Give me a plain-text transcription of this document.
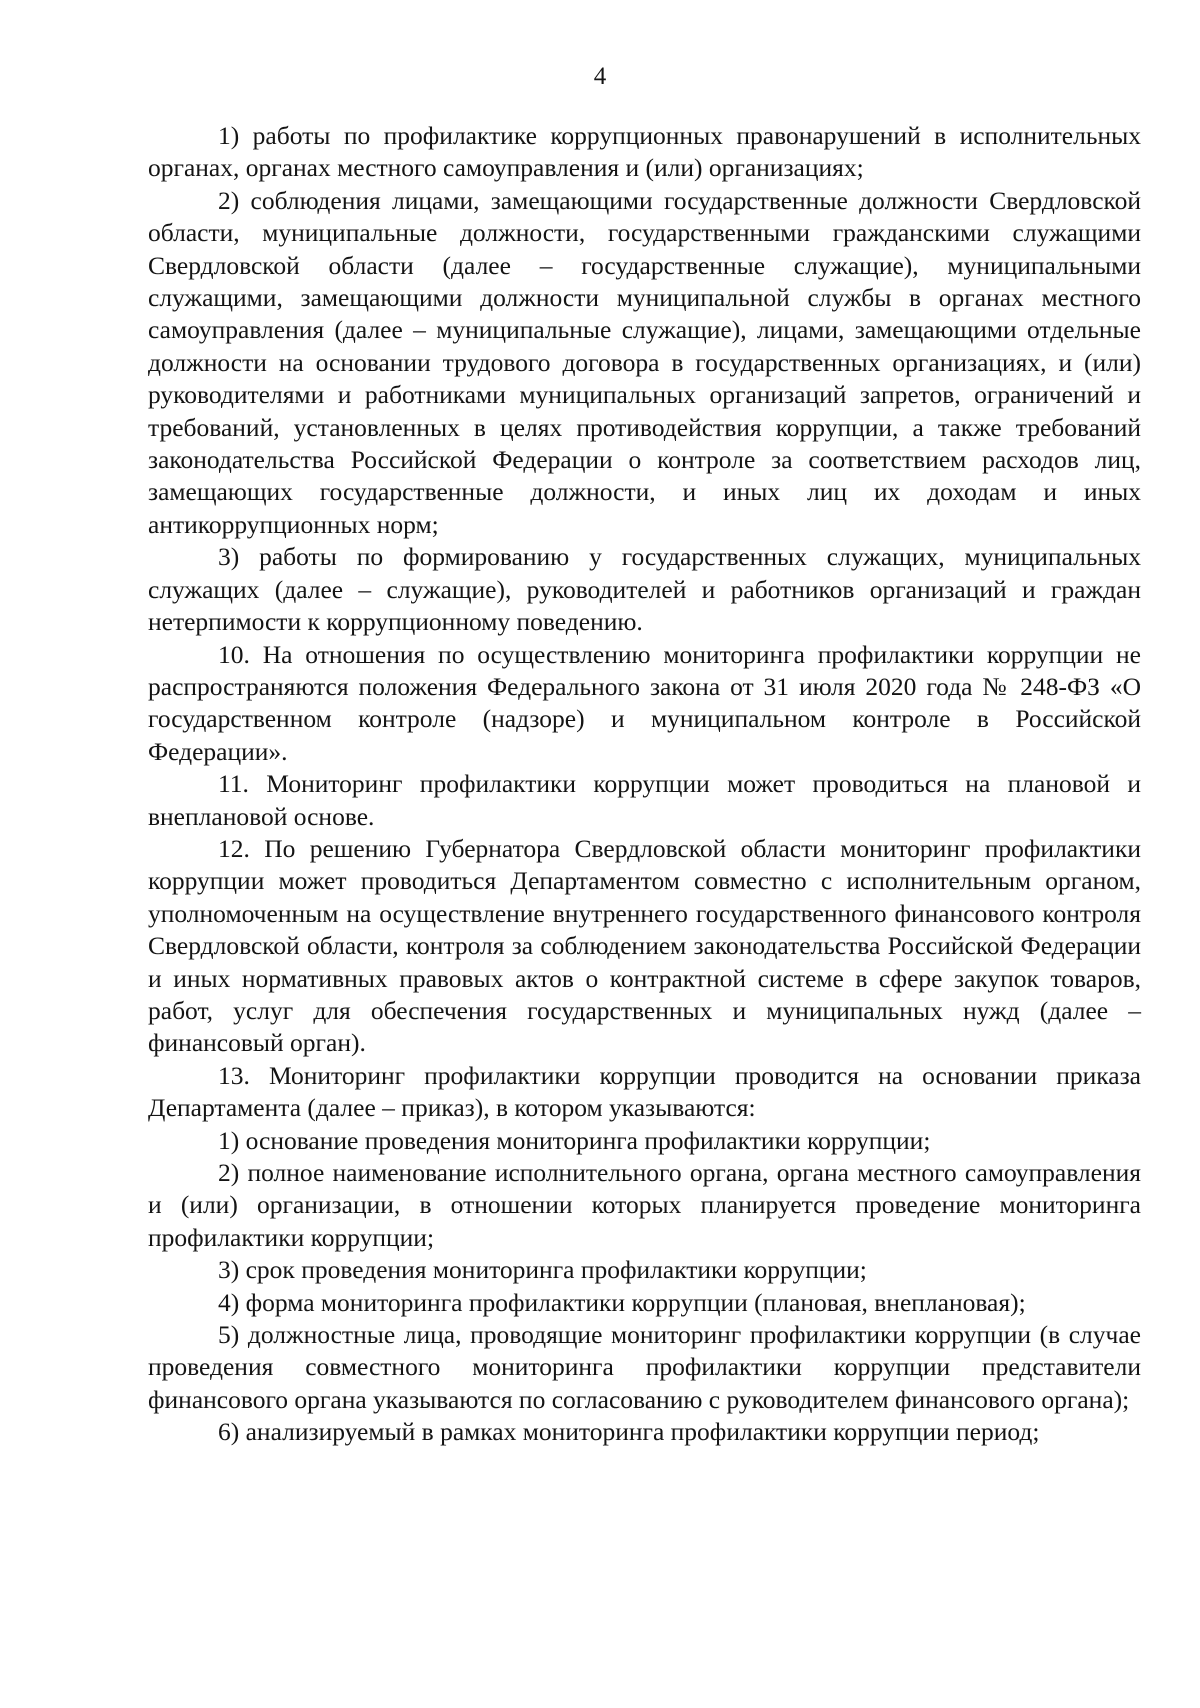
4

1) работы по профилактике коррупционных правонарушений в исполнительных органах, органах местного самоуправления и (или) организациях;

2) соблюдения лицами, замещающими государственные должности Свердловской области, муниципальные должности, государственными гражданскими служащими Свердловской области (далее – государственные служащие), муниципальными служащими, замещающими должности муниципальной службы в органах местного самоуправления (далее – муниципальные служащие), лицами, замещающими отдельные должности на основании трудового договора в государственных организациях, и (или) руководителями и работниками муниципальных организаций запретов, ограничений и требований, установленных в целях противодействия коррупции, а также требований законодательства Российской Федерации о контроле за соответствием расходов лиц, замещающих государственные должности, и иных лиц их доходам и иных антикоррупционных норм;

3) работы по формированию у государственных служащих, муниципальных служащих (далее – служащие), руководителей и работников организаций и граждан нетерпимости к коррупционному поведению.

10. На отношения по осуществлению мониторинга профилактики коррупции не распространяются положения Федерального закона от 31 июля 2020 года № 248-ФЗ «О государственном контроле (надзоре) и муниципальном контроле в Российской Федерации».

11. Мониторинг профилактики коррупции может проводиться на плановой и внеплановой основе.

12. По решению Губернатора Свердловской области мониторинг профилактики коррупции может проводиться Департаментом совместно с исполнительным органом, уполномоченным на осуществление внутреннего государственного финансового контроля Свердловской области, контроля за соблюдением законодательства Российской Федерации и иных нормативных правовых актов о контрактной системе в сфере закупок товаров, работ, услуг для обеспечения государственных и муниципальных нужд (далее – финансовый орган).

13. Мониторинг профилактики коррупции проводится на основании приказа Департамента (далее – приказ), в котором указываются:

1) основание проведения мониторинга профилактики коррупции;

2) полное наименование исполнительного органа, органа местного самоуправления и (или) организации, в отношении которых планируется проведение мониторинга профилактики коррупции;

3) срок проведения мониторинга профилактики коррупции;

4) форма мониторинга профилактики коррупции (плановая, внеплановая);

5) должностные лица, проводящие мониторинг профилактики коррупции (в случае проведения совместного мониторинга профилактики коррупции представители финансового органа указываются по согласованию с руководителем финансового органа);

6) анализируемый в рамках мониторинга профилактики коррупции период;
